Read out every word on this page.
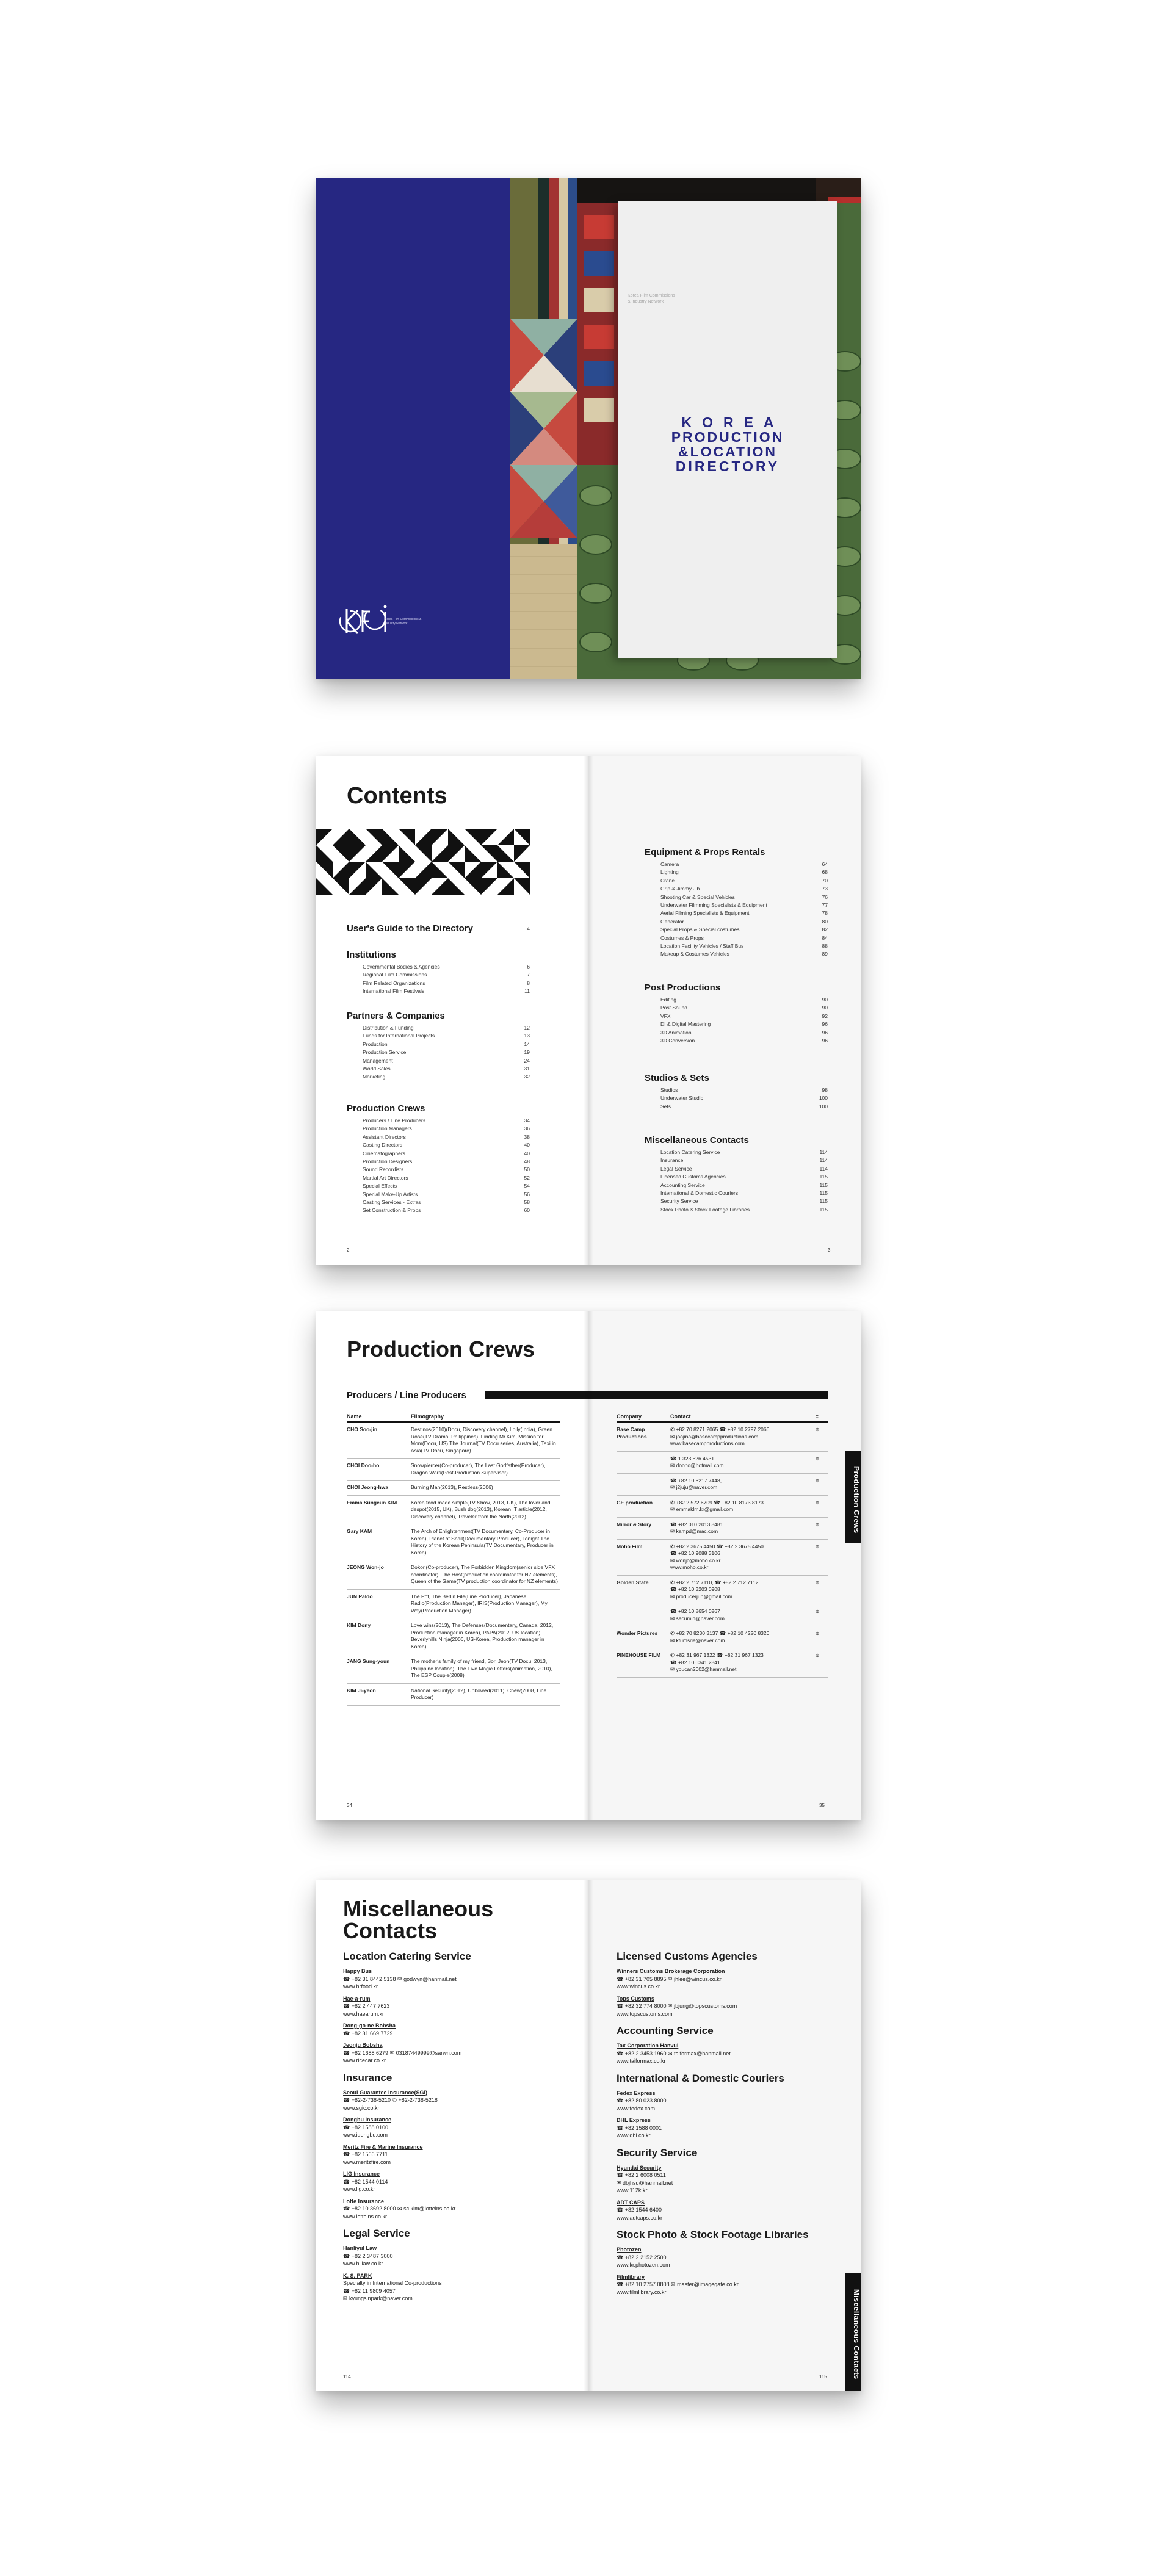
Korea Film Commissions & Industry Network
Korea Film Commissions & Industry Network
KOREA
PRODUCTION
&LOCATION
DIRECTORY
Contents
User's Guide to the Directory	4
Institutions
Governmental Bodies & Agencies	6
Regional Film Commissions	7
Film Related Organizations	8
International Film Festivals	11
Partners & Companies
Distribution & Funding	12
Funds for International Projects	13
Production	14
Production Service	19
Management	24
World Sales	31
Marketing	32
Production Crews
Producers / Line Producers	34
Production Managers	36
Assistant Directors	38
Casting Directors	40
Cinematographers	40
Production Designers	48
Sound Recordists	50
Martial Art Directors	52
Special Effects	54
Special Make-Up Artists	56
Casting Services - Extras	58
Set Construction & Props	60
2
Equipment & Props Rentals
Camera	64
Lighting	68
Crane	70
Grip & Jimmy Jib	73
Shooting Car & Special Vehicles	76
Underwater Filmming Specialists & Equipment	77
Aerial Filming Specialists & Equipment	78
Generator	80
Special Props & Special costumes	82
Costumes & Props	84
Location Facility Vehicles / Staff Bus	88
Makeup & Costumes Vehicles	89
Post Productions
Editing	90
Post Sound	90
VFX	92
DI & Digital Mastering	96
3D Animation	96
3D Conversion	96
Studios & Sets
Studios	98
Underwater Studio	100
Sets	100
Miscellaneous Contacts
Location Catering Service	114
Insurance	114
Legal Service	114
Licensed Customs Agencies	115
Accounting Service	115
International & Domestic Couriers	115
Security Service	115
Stock Photo & Stock Footage Libraries	115
3
Production Crews
Producers / Line Producers
Name	Filmography
CHO Soo-jin	Destinos(2010)(Docu, Discovery channel), Lolly(India), Green Rose(TV Drama, Philippines), Finding Mr.Kim, Mission for Mom(Docu, US) The Journal(TV Docu series, Australia), Taxi in Asia(TV Docu, Singapore)
CHOI Doo-ho	Snowpiercer(Co-producer), The Last Godfather(Producer), Dragon Wars(Post-Production Supervisor)
CHOI Jeong-hwa	Burning Man(2013), Restless(2006)
Emma Sungeun KIM	Korea food made simple(TV Show, 2013, UK), The lover and despot(2015, UK), Bush dog(2013), Korean IT article(2012, Discovery channel), Traveler from the North(2012)
Gary KAM	The Arch of Enlightenment(TV Documentary, Co-Producer in Korea), Planet of Snail(Documentary Producer), Tonight The History of the Korean Peninsula(TV Documentary, Producer in Korea)
JEONG Won-jo	Dokori(Co-producer), The Forbidden Kingdom(senior side VFX coordinator), The Host(production coordinator for NZ elements), Queen of the Game(TV production coordinator for NZ elements)
JUN Paldo	The Pot, The Berlin File(Line Producer), Japanese Radio(Production Manager), IRIS(Production Manager), My Way(Production Manager)
KIM Dony	Love wins(2013), The Defenses(Documentary, Canada, 2012, Production manager in Korea), PAPA(2012, US location), Beverlyhills Ninja(2006, US-Korea, Production manager in Korea)
JANG Sung-youn	The mother's family of my friend, Sori Jeon(TV Docu, 2013, Philippine location), The Five Magic Letters(Animation, 2010), The ESP Couple(2008)
KIM Ji-yeon	National Security(2012), Unbowed(2011), Chew(2008, Line Producer)
34
Company	Contact	‡
Base Camp Productions	✆ +82 70 8271 2065 ☎ +82 10 2797 2066
✉ joojina@basecampproductions.com
www.basecampproductions.com	๏

	☎ 1 323 826 4531
✉ dooho@hotmail.com	๏

	☎ +82 10 6217 7448,
✉ j2juju@naver.com	๏
GE production	✆ +82 2 572 6709 ☎ +82 10 8173 8173
✉ emmaklm.kr@gmail.com	๏
Mirror & Story	☎ +82 010 2013 8481
✉ kampd@mac.com	๏
Moho Film	✆ +82 2 3675 4450 ☎ +82 2 3675 4450
☎ +82 10 9088 3106
✉ wonjo@moho.co.kr
www.moho.co.kr	๏
Golden State	✆ +82 2 712 7110, ☎ +82 2 712 7112
☎ +82 10 3203 0908
✉ producerjun@gmail.com	๏

	☎ +82 10 8654 0267
✉ secumin@naver.com	๏
Wonder Pictures	✆ +82 70 8230 3137 ☎ +82 10 4220 8320
✉ ktumsrie@naver.com	๏
PINEHOUSE FILM	✆ +82 31 967 1322 ☎ +82 31 967 1323
☎ +82 10 6341 2841
✉ youcan2002@hanmail.net	๏
Production Crews
35
Miscellaneous
Contacts
Location Catering Service
Happy Bus
☎ +82 31 8442 5138 ✉ godwyn@hanmail.net
www.hrfood.kr
Hae-a-rum
☎ +82 2 447 7623
www.haearum.kr
Dong-go-ne Bobsha
☎ +82 31 669 7729
Jeonju Bobsha
☎ +82 1688 6279 ✉ 03187449999@sarwn.com
www.ricecar.co.kr
Insurance
Seoul Guarantee Insurance(SGI)
☎ +82-2-738-5210 ✆ +82-2-738-5218
www.sgic.co.kr
Dongbu Insurance
☎ +82 1588 0100
www.idongbu.com
Meritz Fire & Marine Insurance
☎ +82 1566 7711
www.meritzfire.com
LIG Insurance
☎ +82 1544 0114
www.lig.co.kr
Lotte Insurance
☎ +82 10 3692 8000 ✉ sc.kim@lotteins.co.kr
www.lotteins.co.kr
Legal Service
Hanliyul Law
☎ +82 2 3487 3000
www.hlilaw.co.kr
K. S. PARK
Specialty in International Co-productions
☎ +82 11 9809 4057
✉ kyungsinpark@naver.com
114
Licensed Customs Agencies
Winners Customs Brokerage Corporation
☎ +82 31 705 8895 ✉ jhlee@wincus.co.kr
www.wincus.co.kr
Tops Customs
☎ +82 32 774 8000 ✉ jbjung@topscustoms.com
www.topscustoms.com
Accounting Service
Tax Corporation Hanvul
☎ +82 2 3453 1960 ✉ taiformax@hanmail.net
www.taiformax.co.kr
International & Domestic Couriers
Fedex Express
☎ +82 80 023 8000
www.fedex.com
DHL Express
☎ +82 1588 0001
www.dhl.co.kr
Security Service
Hyundai Security
☎ +82 2 6008 0511
✉ dbjhsu@hanmail.net
www.112k.kr
ADT CAPS
☎ +82 1544 6400
www.adtcaps.co.kr
Stock Photo & Stock Footage Libraries
Photozen
☎ +82 2 2152 2500
www.kr.photozen.com
Filmlibrary
☎ +82 10 2757 0808 ✉ master@imagegate.co.kr
www.filmlibrary.co.kr	Miscellaneous Contacts
115
